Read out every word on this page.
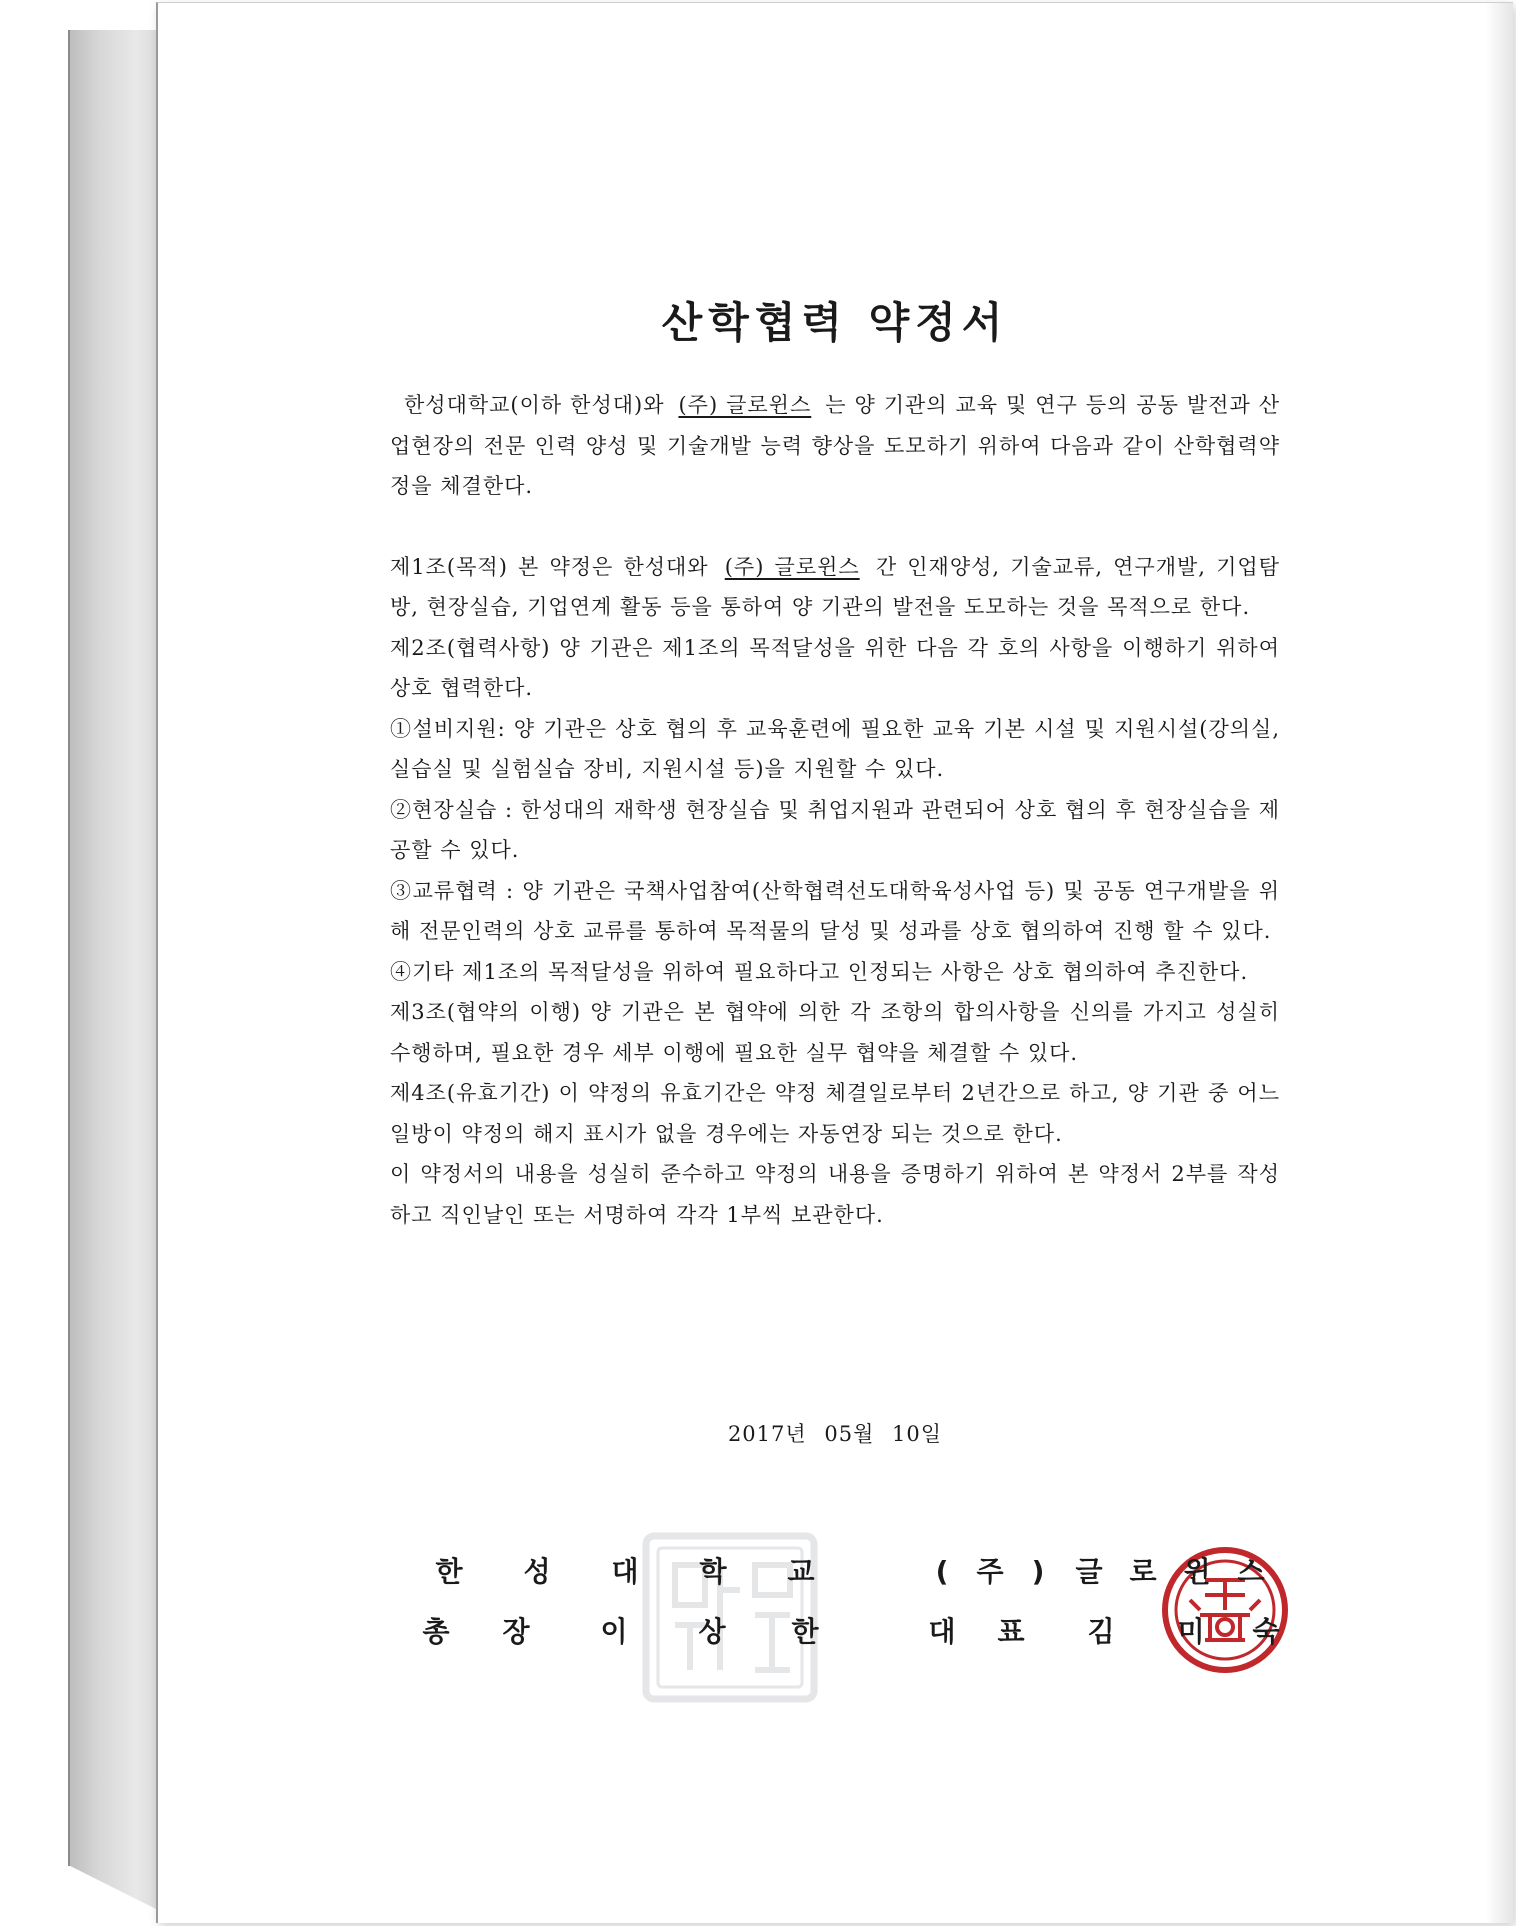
산학협력 약정서

한성대학교(이하 한성대)와 (주) 글로윈스 는 양 기관의 교육 및 연구 등의 공동 발전과 산업현장의 전문 인력 양성 및 기술개발 능력 향상을 도모하기 위하여 다음과 같이 산학협력약정을 체결한다.

제1조(목적) 본 약정은 한성대와 (주) 글로윈스 간 인재양성, 기술교류, 연구개발, 기업탐방, 현장실습, 기업연계 활동 등을 통하여 양 기관의 발전을 도모하는 것을 목적으로 한다.

제2조(협력사항) 양 기관은 제1조의 목적달성을 위한 다음 각 호의 사항을 이행하기 위하여 상호 협력한다.

①설비지원: 양 기관은 상호 협의 후 교육훈련에 필요한 교육 기본 시설 및 지원시설(강의실, 실습실 및 실험실습 장비, 지원시설 등)을 지원할 수 있다.

②현장실습 : 한성대의 재학생 현장실습 및 취업지원과 관련되어 상호 협의 후 현장실습을 제공할 수 있다.

③교류협력 : 양 기관은 국책사업참여(산학협력선도대학육성사업 등) 및 공동 연구개발을 위해 전문인력의 상호 교류를 통하여 목적물의 달성 및 성과를 상호 협의하여 진행 할 수 있다.

④기타 제1조의 목적달성을 위하여 필요하다고 인정되는 사항은 상호 협의하여 추진한다.

제3조(협약의 이행) 양 기관은 본 협약에 의한 각 조항의 합의사항을 신의를 가지고 성실히 수행하며, 필요한 경우 세부 이행에 필요한 실무 협약을 체결할 수 있다.

제4조(유효기간) 이 약정의 유효기간은 약정 체결일로부터 2년간으로 하고, 양 기관 중 어느 일방이 약정의 해지 표시가 없을 경우에는 자동연장 되는 것으로 한다.

이 약정서의 내용을 성실히 준수하고 약정의 내용을 증명하기 위하여 본 약정서 2부를 작성하고 직인날인 또는 서명하여 각각 1부씩 보관한다.

2017년 05월 10일
한 성 대 학 교
총 장	이	상 한
( 주 ) 글 로 윈 스
대 표 김 미 숙
